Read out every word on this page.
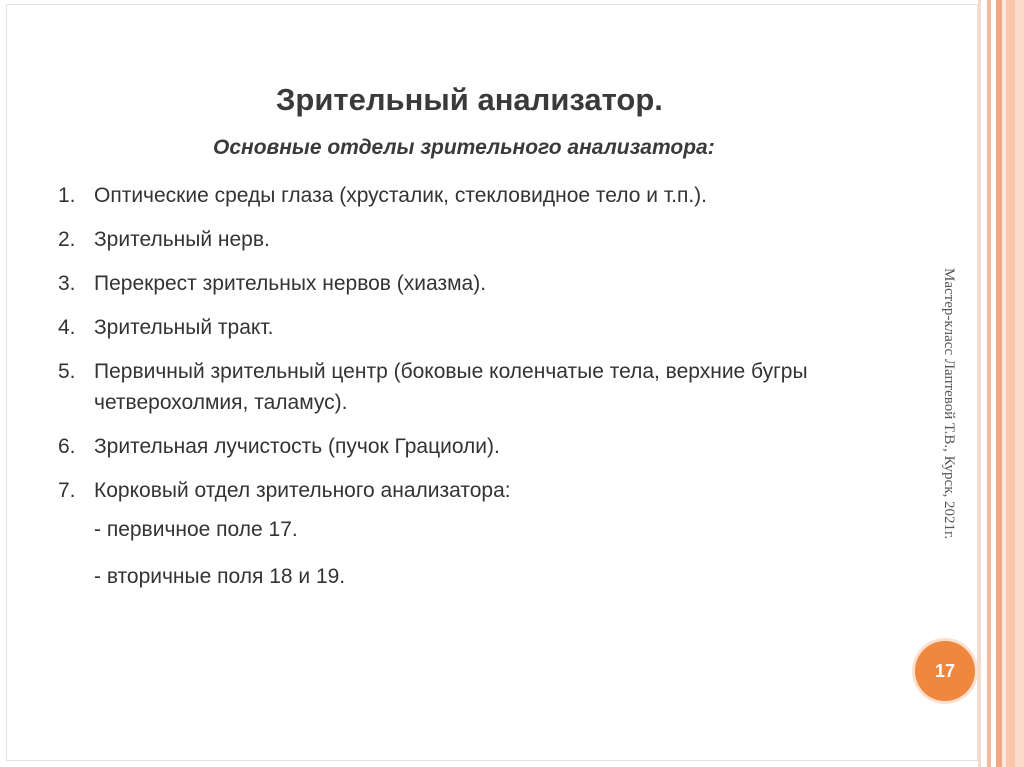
Зрительный анализатор.
Основные отделы зрительного анализатора:
1. Оптические среды глаза (хрусталик, стекловидное тело и т.п.).
2. Зрительный нерв.
3. Перекрест зрительных нервов (хиазма).
4. Зрительный тракт.
5. Первичный зрительный центр (боковые коленчатые тела, верхние бугры четверохолмия, таламус).
6. Зрительная лучистость (пучок Грациоли).
7. Корковый отдел зрительного анализатора:
- первичное поле 17.
- вторичные поля 18 и 19.
Мастер-класс Лаптевой Т.В., Курск, 2021г.
17
